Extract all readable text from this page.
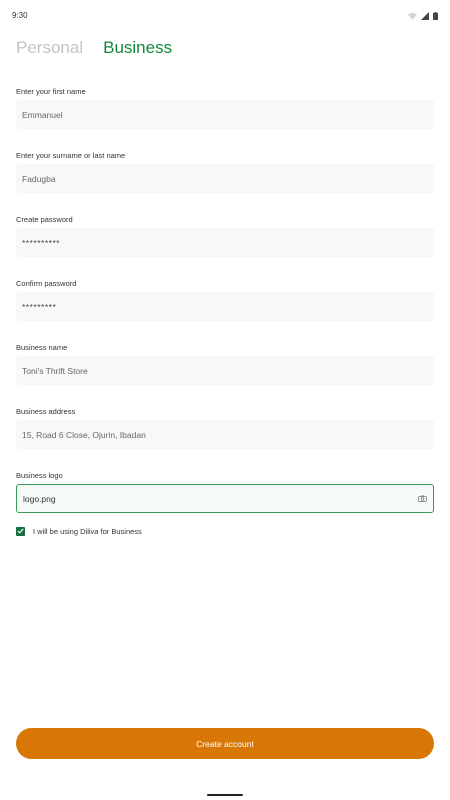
9:30
Personal Business
Enter your first name
Emmanuel
Enter your surname or last name
Fadugba
Create password
**********
Confirm password
*********
Business name
Toni's Thrift Store
Business address
15, Road 6 Close, Ojurin, Ibadan
Business logo
logo.png
I will be using Diliva for Business
Create account
